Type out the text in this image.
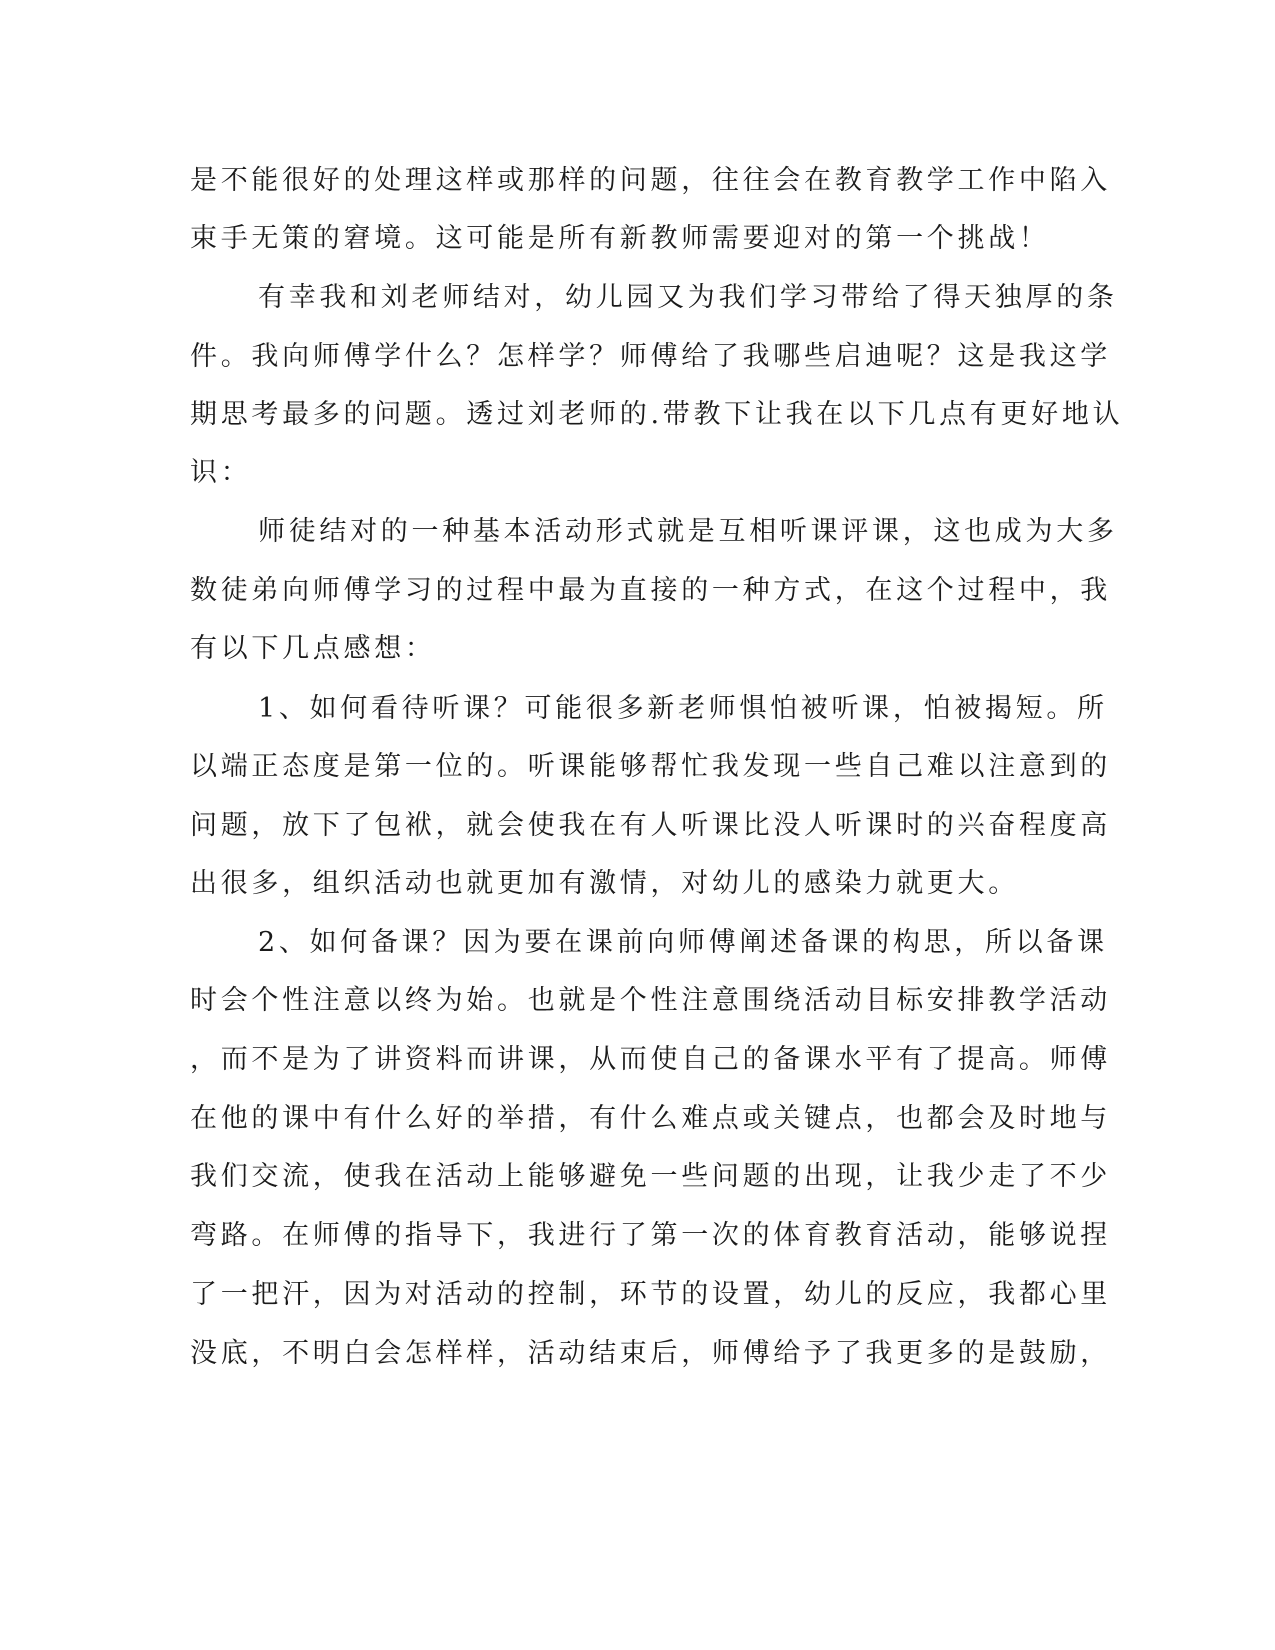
是不能很好的处理这样或那样的问题，往往会在教育教学工作中陷入
束手无策的窘境。这可能是所有新教师需要迎对的第一个挑战！
有幸我和刘老师结对，幼儿园又为我们学习带给了得天独厚的条
件。我向师傅学什么？怎样学？师傅给了我哪些启迪呢？这是我这学
期思考最多的问题。透过刘老师的.带教下让我在以下几点有更好地认
识：
师徒结对的一种基本活动形式就是互相听课评课，这也成为大多
数徒弟向师傅学习的过程中最为直接的一种方式，在这个过程中，我
有以下几点感想：
1、如何看待听课？可能很多新老师惧怕被听课，怕被揭短。所
以端正态度是第一位的。听课能够帮忙我发现一些自己难以注意到的
问题，放下了包袱，就会使我在有人听课比没人听课时的兴奋程度高
出很多，组织活动也就更加有激情，对幼儿的感染力就更大。
2、如何备课？因为要在课前向师傅阐述备课的构思，所以备课
时会个性注意以终为始。也就是个性注意围绕活动目标安排教学活动
，而不是为了讲资料而讲课，从而使自己的备课水平有了提高。师傅
在他的课中有什么好的举措，有什么难点或关键点，也都会及时地与
我们交流，使我在活动上能够避免一些问题的出现，让我少走了不少
弯路。在师傅的指导下，我进行了第一次的体育教育活动，能够说捏
了一把汗，因为对活动的控制，环节的设置，幼儿的反应，我都心里
没底，不明白会怎样样，活动结束后，师傅给予了我更多的是鼓励，
